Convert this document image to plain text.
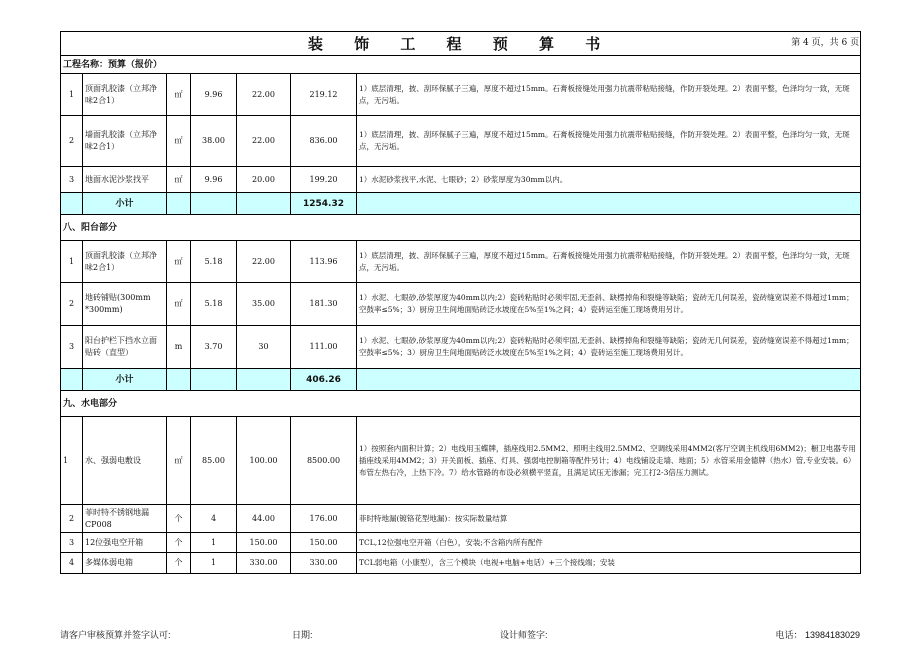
装 饰 工 程 预 算 书 第 4 页，共 6 页						

工程名称：预算（报价）						
1	顶面乳胶漆（立邦净味2合1）	㎡	9.96	22.00	219.12	1）底层清理，披、刮环保腻子三遍，厚度不超过15mm。石膏板接缝处用强力抗震带粘贴接缝，作防开裂处理。2）表面平整，色泽均匀一致，无斑点，无污垢。
2	墙面乳胶漆（立邦净味2合1）	㎡	38.00	22.00	836.00	1）底层清理，披、刮环保腻子三遍，厚度不超过15mm。石膏板接缝处用强力抗震带粘贴接缝，作防开裂处理。2）表面平整，色泽均匀一致，无斑点，无污垢。
3	地面水泥沙浆找平	㎡	9.96	20.00	199.20	1）水泥砂浆找平,水泥、七眼砂；2）砂浆厚度为30mm以内。
	小计				1254.32	
八、阳台部分						
1	顶面乳胶漆（立邦净味2合1）	㎡	5.18	22.00	113.96	1）底层清理，披、刮环保腻子三遍，厚度不超过15mm。石膏板接缝处用强力抗震带粘贴接缝，作防开裂处理。2）表面平整，色泽均匀一致，无斑点，无污垢。
2	地砖铺贴(300mm *300mm)	㎡	5.18	35.00	181.30	1）水泥、七眼砂,砂浆厚度为40mm以内;2）瓷砖粘贴时必须牢固,无歪斜、缺楞掉角和裂缝等缺陷；瓷砖无几何误差，瓷砖缝宽误差不得超过1mm；空鼓率≤5%；3）厨房卫生间地面贴砖泛水坡度在5%至1%之间；4）瓷砖运至施工现场费用另计。
3	阳台护栏下挡水立面贴砖（直型）	m	3.70	30	111.00	1）水泥、七眼砂,砂浆厚度为40mm以内;2）瓷砖粘贴时必须牢固,无歪斜、缺楞掉角和裂缝等缺陷；瓷砖无几何误差，瓷砖缝宽误差不得超过1mm；空鼓率≤5%；3）厨房卫生间地面贴砖泛水坡度在5%至1%之间；4）瓷砖运至施工现场费用另计。
	小计				406.26	
九、水电部分						
1	水、强弱电敷设	㎡	85.00	100.00	8500.00	1）按照套内面积计算；2）电线用玉蝶牌，插座线用2.5MM2、照明主线用2.5MM2、空调线采用4MM2(客厅空调主机线用6MM2)；橱卫电器专用插座线采用4MM2；3）开关面板、插座、灯具、强弱电控制箱等配件另计；4）电线铺设走墙、地面；5）水管采用金德牌（热水）管,专业安装。6）布管左热右冷，上热下冷。7）给水管路的布设必须横平竖直，且满足试压无渗漏；完工打2-3倍压力测试。
2	菲时特不锈钢地漏CP008	个	4	44.00	176.00	菲时特地漏(镀铬花型地漏)：按实际数量结算
3	12位强电空开箱	个	1	150.00	150.00	TCL,12位强电空开箱（白色），安装;不含箱内所有配件
4	多媒体弱电箱	个	1	330.00	330.00	TCL弱电箱（小康型），含三个模块（电视+电脑+电话）+三个接线端；安装
请客户审核预算并签字认可:	日期:	设计师签字:	电话： 13984183029
